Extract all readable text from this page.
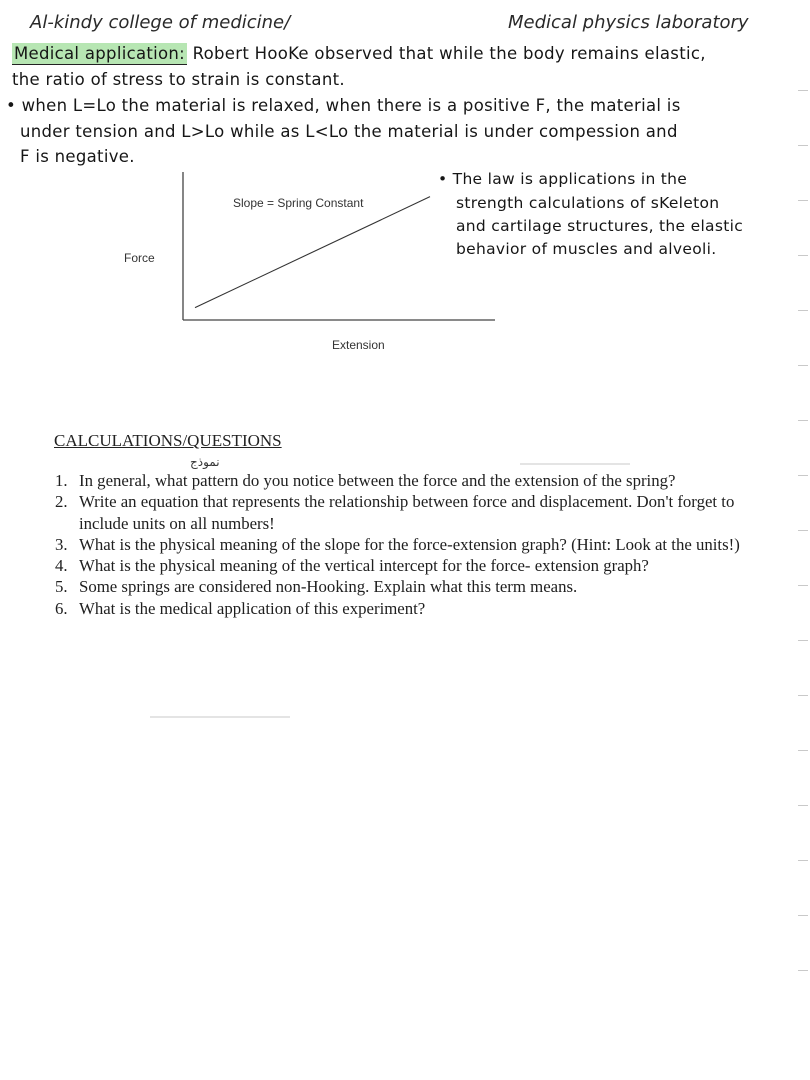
Al-kindy college of medicine/	Medical physics laboratory
Medical application: Robert HooKe observed that while the body remains elastic,
the ratio of stress to strain is constant.
• when L=Lo the material is relaxed, when there is a positive F, the material is
under tension and L>Lo while as L<Lo the material is under compession and
F is negative.
• The law is applications in the
strength calculations of sKeleton
and cartilage structures, the elastic
behavior of muscles and alveoli.
Slope = Spring Constant
Force
Extension
CALCULATIONS/QUESTIONS
نموذج
1. In general, what pattern do you notice between the force and the extension of the spring?
2. Write an equation that represents the relationship between force and displacement. Don't forget to include units on all numbers!
3. What is the physical meaning of the slope for the force-extension graph? (Hint: Look at the units!)
4. What is the physical meaning of the vertical intercept for the force- extension graph?
5. Some springs are considered non-Hooking. Explain what this term means.
6. What is the medical application of this experiment?
